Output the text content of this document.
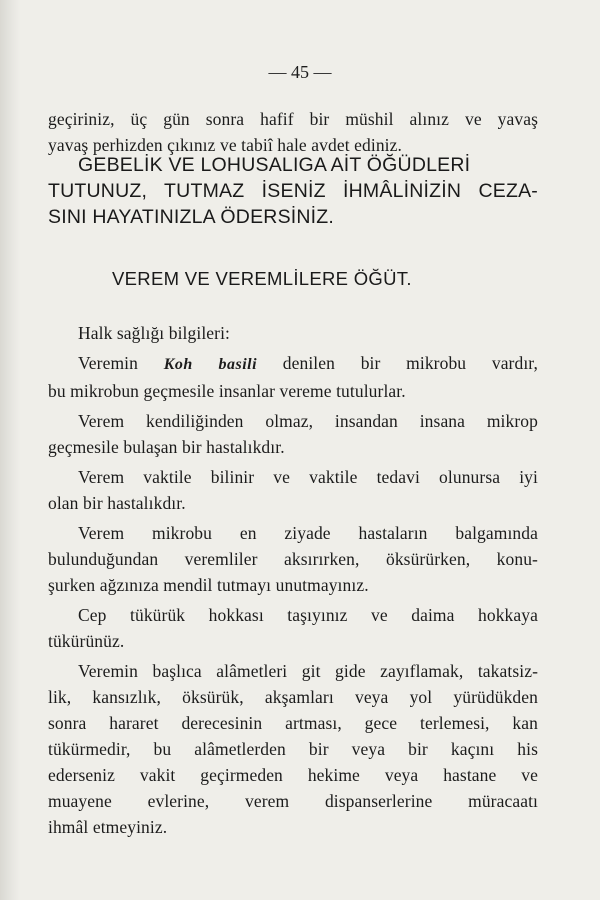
— 45 —
geçiriniz, üç gün sonra hafif bir müshil alınız ve yavaş
yavaş perhizden çıkınız ve tabiî hale avdet ediniz.
GEBELİK VE LOHUSALIGA AİT ÖĞÜDLERİ
TUTUNUZ, TUTMAZ İSENİZ İHMÂLİNİZİN CEZA-
SINI HAYATINIZLA ÖDERSİNİZ.
VEREM VE VEREMLİLERE ÖĞÜT.
Halk sağlığı bilgileri:
Veremin Koh basili denilen bir mikrobu vardır,
bu mikrobun geçmesile insanlar vereme tutulurlar.
Verem kendiliğinden olmaz, insandan insana mikrop
geçmesile bulaşan bir hastalıkdır.
Verem vaktile bilinir ve vaktile tedavi olunursa iyi
olan bir hastalıkdır.
Verem mikrobu en ziyade hastaların balgamında
bulunduğundan veremliler aksırırken, öksürürken, konu-
şurken ağzınıza mendil tutmayı unutmayınız.
Cep tükürük hokkası taşıyınız ve daima hokkaya
tükürünüz.
Veremin başlıca alâmetleri git gide zayıflamak, takatsiz-
lik, kansızlık, öksürük, akşamları veya yol yürüdükden
sonra hararet derecesinin artması, gece terlemesi, kan
tükürmedir, bu alâmetlerden bir veya bir kaçını his
ederseniz vakit geçirmeden hekime veya hastane ve
muayene evlerine, verem dispanserlerine müracaatı
ihmâl etmeyiniz.
